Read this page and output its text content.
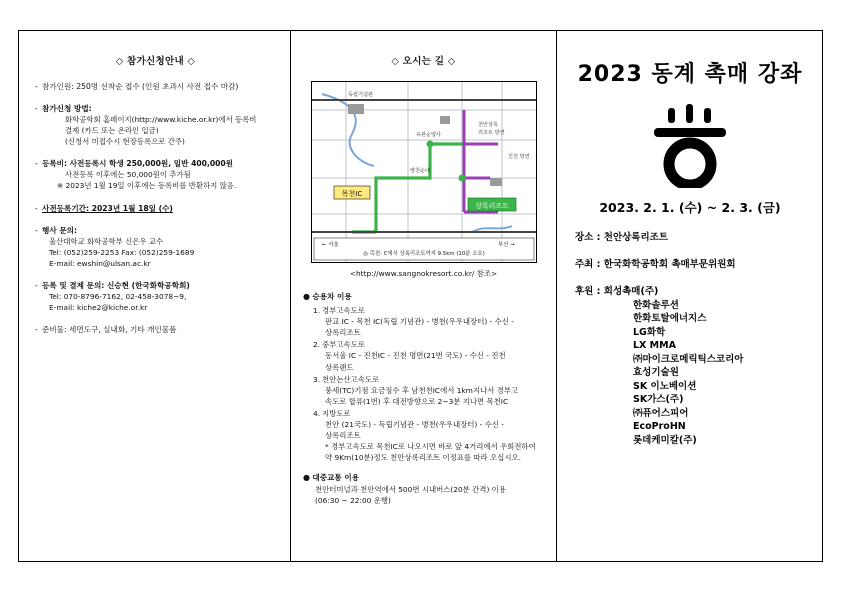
◇ 참가신청안내 ◇
- 참가인원: 250명 선착순 접수 (인원 초과시 사전 접수 마감)
- 참가신청 방법:
화학공학회 홈페이지(http://www.kiche.or.kr)에서 등록비
결제 (카드 또는 온라인 입금)
(신청서 미접수시 현장등록으로 간주)
- 등록비: 사전등록시 학생 250,000원, 일반 400,000원
사전등록 이후에는 50,000원이 추가됨
※ 2023년 1월 19일 이후에는 등록비를 반환하지 않음.
- 사전등록기간: 2023년 1월 18일 (수)
- 행사 문의:
울산대학교 화학공학부 신은우 교수
Tel: (052)259-2253 Fax: (052)259-1689
E-mail: ewshin@ulsan.ac.kr
- 등록 및 결제 문의: 신승현 (한국화학공학회)
Tel: 070-8796-7162, 02-458-3078~9,
E-mail: kiche2@kiche.or.kr
- 준비물: 세면도구, 실내화, 기타 개인물품
◇ 오시는 길 ◇
목천IC
상록리조트
독립기념관
유관순열사
병천순대
천안상록
리조트 방면
진천 방면
← 서울	부산 →
◎ 촉천: C에서 상록리조트까지 9.5km (10분 소요)
<http://www.sangnokresort.co.kr/ 참조>
● 승용차 이용
1. 경부고속도로
판교 IC - 목천 IC(독립 기념관) - 병천(우우내장터) - 수신 -
상록리조트
2. 중부고속도로
동서울 IC - 진천IC - 진천 명면(21번 국도) - 수신 - 진천
상록랜드
3. 천안논산고속도로
풍세(TC)기점 요금징수 후 남천천IC에서 1km지나서 경부고
속도로 합류(1번) 후 대전방향으로 2~3분 지나면 목천IC
4. 지방도로
천안 (21국도) - 독립기념관 - 병천(우우내장터) - 수신 -
상록리조트
* 경부고속도로 목천IC로 나오시면 바로 앞 4거리에서 우회전하여
약 9Km(10분)정도 천안상록리조트 이정표를 따라 오십시오.
● 대중교통 이용
천안터미널과 천안역에서 500번 시내버스(20분 간격) 이용
(06:30 ~ 22:00 운행)
2023 동계 촉매 강좌
2023. 2. 1. (수) ~ 2. 3. (금)
장소 : 천안상록리조트
주최 : 한국화학공학회 촉매부문위원회
후원 : 희성촉매(주)
한화솔루션
한화토탈에너지스
LG화학
LX MMA
㈜마이크로메릭틱스코리아
효성기술원
SK 이노베이션
SK가스(주)
㈜퓨어스피어
EcoProHN
롯데케미칼(주)
